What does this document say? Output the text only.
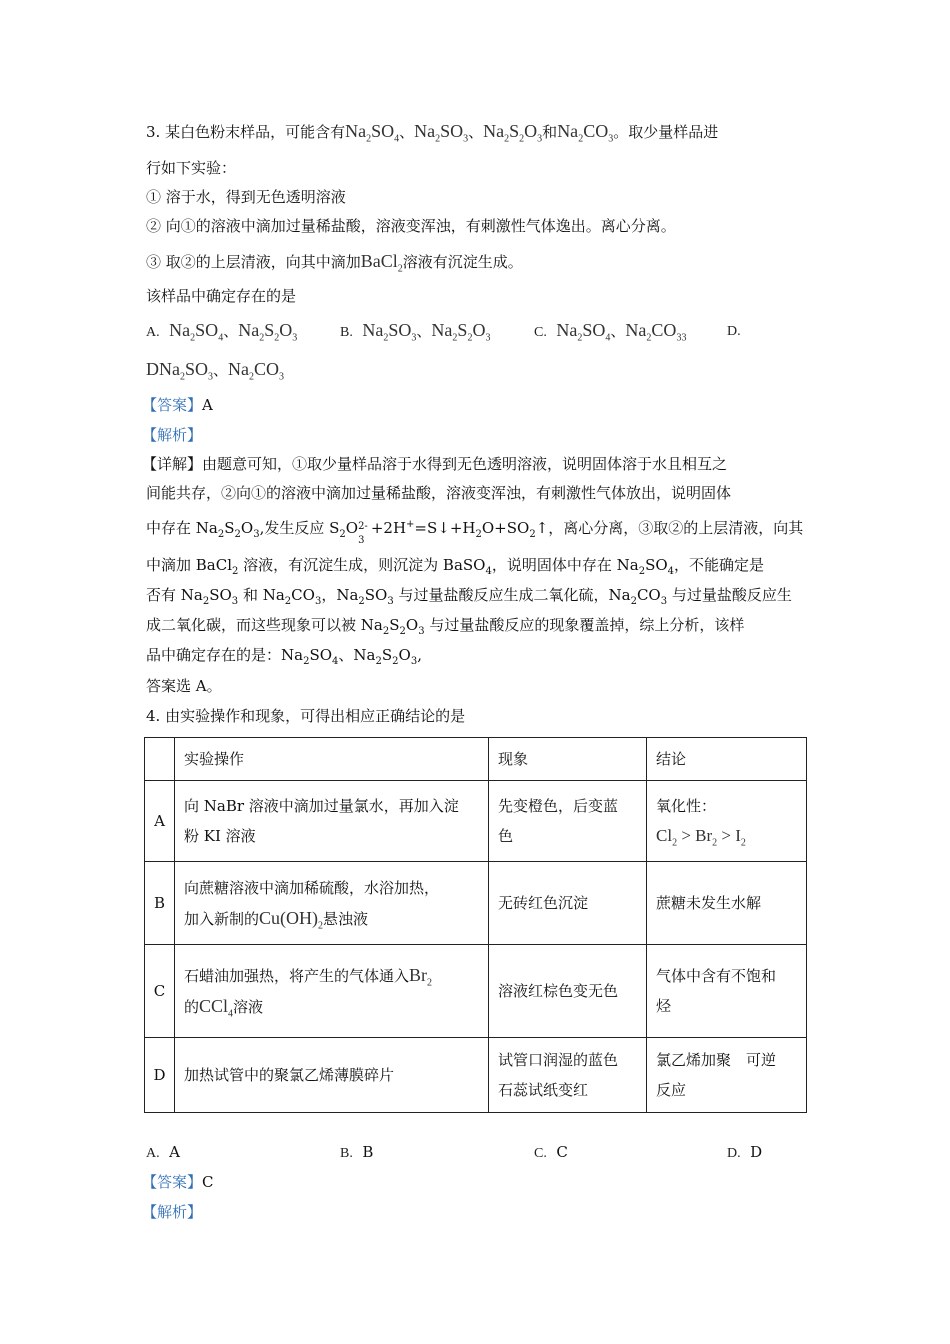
3. 某白色粉末样品，可能含有$Na_2SO_4$、$Na_2SO_3$、$Na_2S_2O_3$和$Na_2CO_3$。取少量样品进
行如下实验：
① 溶于水，得到无色透明溶液
② 向①的溶液中滴加过量稀盐酸，溶液变浑浊，有刺激性气体逸出。离心分离。
③ 取②的上层清液，向其中滴加BaCl$_2$溶液有沉淀生成。
该样品中确定存在的是
A. $Na_2SO_4$、$Na_2S_2O_3$	B. $Na_2SO_3$、$Na_2S_2O_3$	C. $Na_2SO_4$、$Na_2CO_{33}$	D.
$DNa_2SO_3$、$Na_2CO_3$
【答案】A
【解析】
【详解】由题意可知，①取少量样品溶于水得到无色透明溶液，说明固体溶于水且相互之
间能共存，②向①的溶液中滴加过量稀盐酸，溶液变浑浊，有刺激性气体放出，说明固体
中存在 $Na_2S_2O_3$,发生反应 $S_2O$ 2-
3
$+2H^+=S↓+H_2O+SO_2↑$，离心分离，③取②的上层清液，向其
中滴加 BaCl$_2$ 溶液，有沉淀生成，则沉淀为 BaSO$_4$，说明固体中存在 $Na_2SO_4$，不能确定是
否有 $Na_2SO_3$ 和 $Na_2CO_3$，$Na_2SO_3$ 与过量盐酸反应生成二氧化硫，$Na_2CO_3$ 与过量盐酸反应生
成二氧化碳，而这些现象可以被 $Na_2S_2O_3$ 与过量盐酸反应的现象覆盖掉，综上分析，该样
品中确定存在的是：$Na_2SO_4$、$Na_2S_2O_3$,
答案选 A。
4. 由实验操作和现象，可得出相应正确结论的是
	实验操作	现象	结论
A	向 NaBr 溶液中滴加过量氯水，再加入淀
粉 KI 溶液	先变橙色，后变蓝
色	氧化性：
$Cl_2 > Br_2 > I_2$
B	向蔗糖溶液中滴加稀硫酸，水浴加热，
加入新制的$Cu(OH)_2$悬浊液	无砖红色沉淀	蔗糖未发生水解
C	石蜡油加强热，将产生的气体通入$Br_2$
的CCl$_4$溶液	溶液红棕色变无色	气体中含有不饱和
烃
D	加热试管中的聚氯乙烯薄膜碎片	试管口润湿的蓝色
石蕊试纸变红	氯乙烯加聚　可逆
反应
A. A	B. B	C. C	D. D
【答案】C
【解析】
